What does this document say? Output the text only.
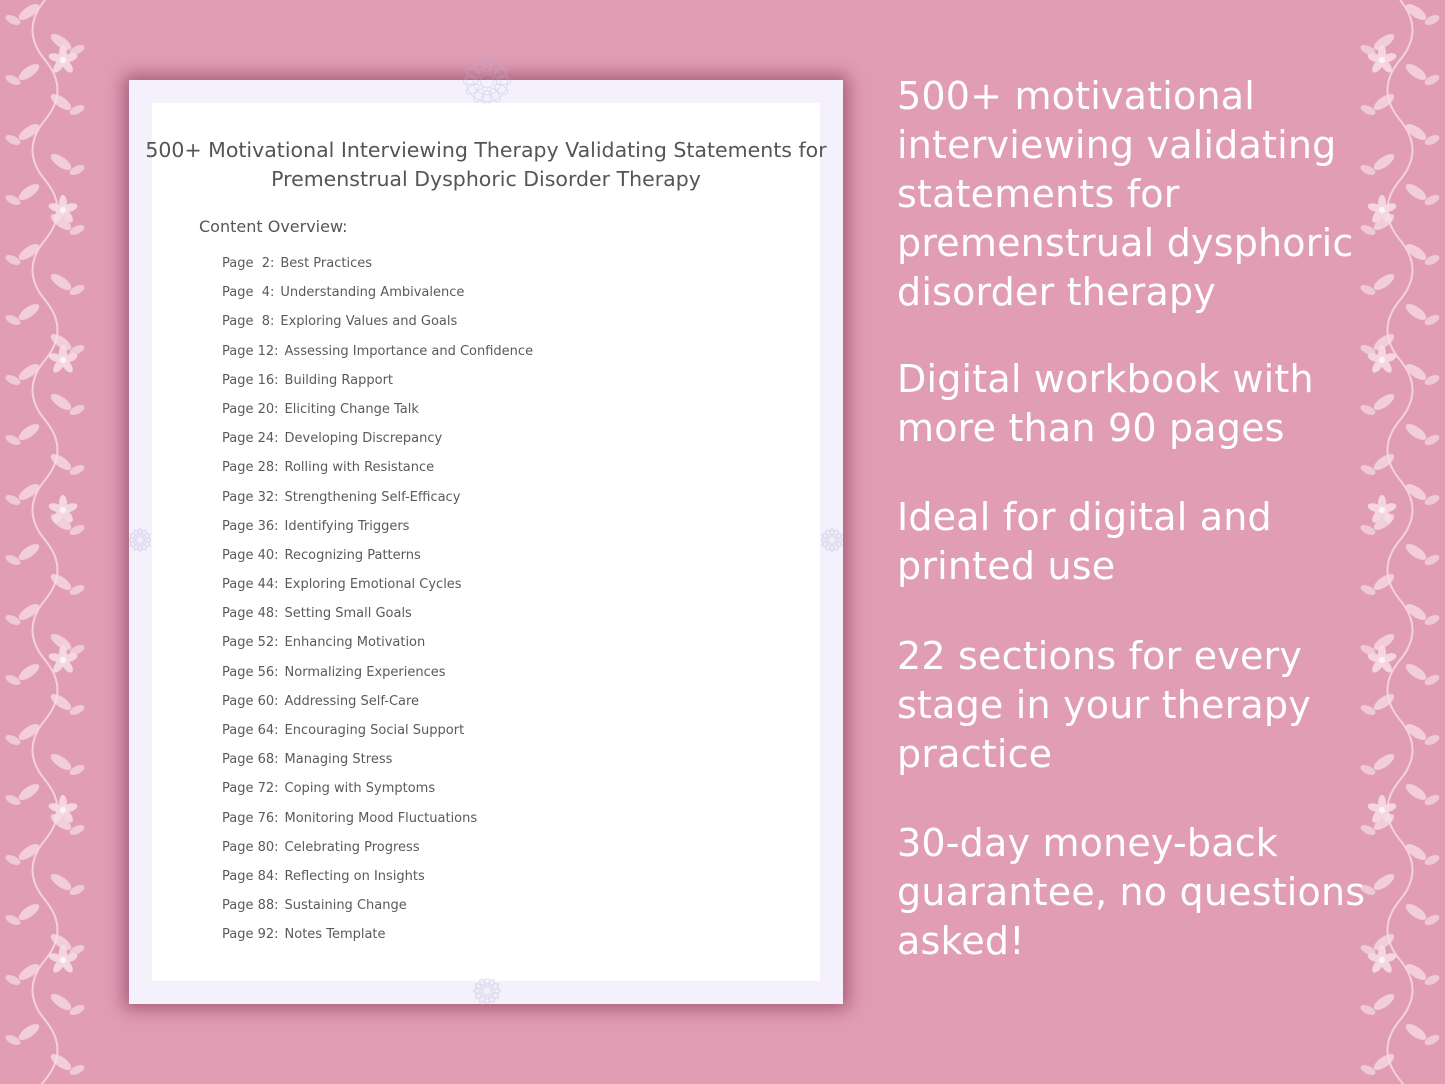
500+ Motivational Interviewing Therapy Validating Statements for Premenstrual Dysphoric Disorder Therapy
Content Overview:
Page  2: Best Practices
Page  4: Understanding Ambivalence
Page  8: Exploring Values and Goals
Page 12: Assessing Importance and Confidence
Page 16: Building Rapport
Page 20: Eliciting Change Talk
Page 24: Developing Discrepancy
Page 28: Rolling with Resistance
Page 32: Strengthening Self-Efficacy
Page 36: Identifying Triggers
Page 40: Recognizing Patterns
Page 44: Exploring Emotional Cycles
Page 48: Setting Small Goals
Page 52: Enhancing Motivation
Page 56: Normalizing Experiences
Page 60: Addressing Self-Care
Page 64: Encouraging Social Support
Page 68: Managing Stress
Page 72: Coping with Symptoms
Page 76: Monitoring Mood Fluctuations
Page 80: Celebrating Progress
Page 84: Reflecting on Insights
Page 88: Sustaining Change
Page 92: Notes Template

500+ motivational interviewing validating statements for premenstrual dysphoric disorder therapy

Digital workbook with more than 90 pages

Ideal for digital and printed use

22 sections for every stage in your therapy practice

30-day money-back guarantee, no questions asked!
